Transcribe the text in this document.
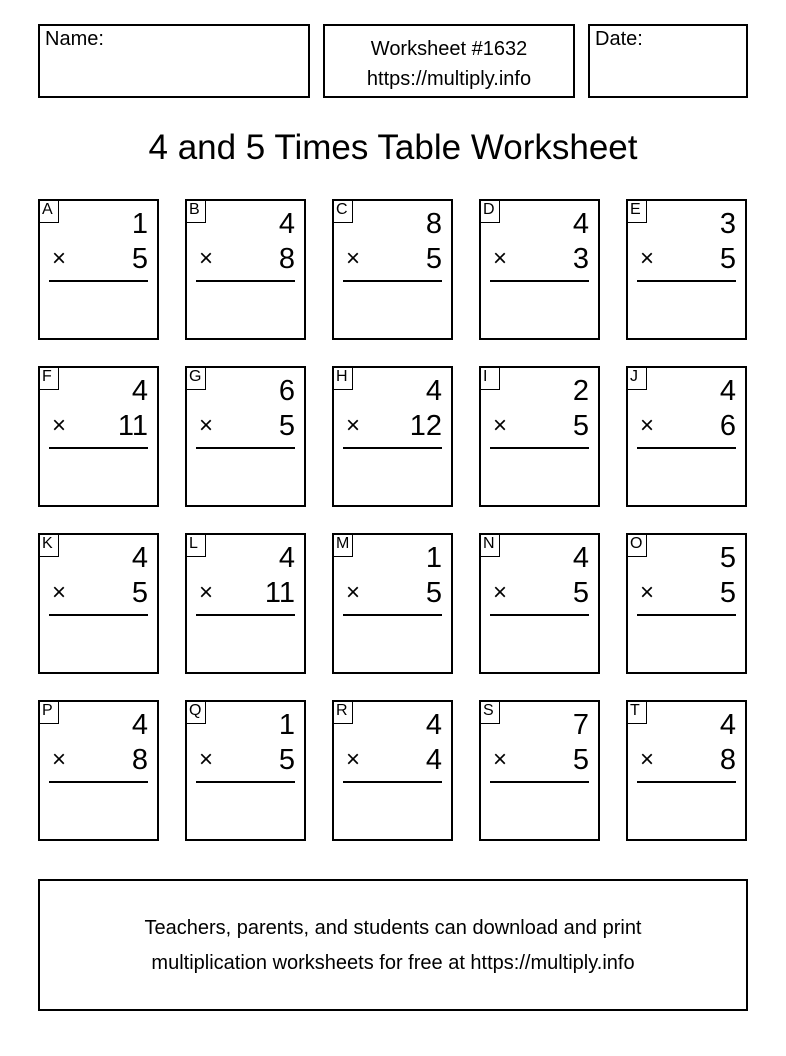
Name:	Worksheet #1632
https://multiply.info
Date:
4 and 5 Times Table Worksheet
A	1
× 5
B	4
× 8
C	8
× 5
D	4
× 3
E	3
× 5
F	4
× 11
G	6
× 5
H	4
× 12
I	2
× 5
J	4
× 6
K	4
× 5
L	4
× 11
M	1
× 5
N	4
× 5
O	5
× 5
P	4
× 8
Q	1
× 5
R	4
× 4
S	7
× 5
T	4
× 8
Teachers, parents, and students can download and print
multiplication worksheets for free at https://multiply.info
